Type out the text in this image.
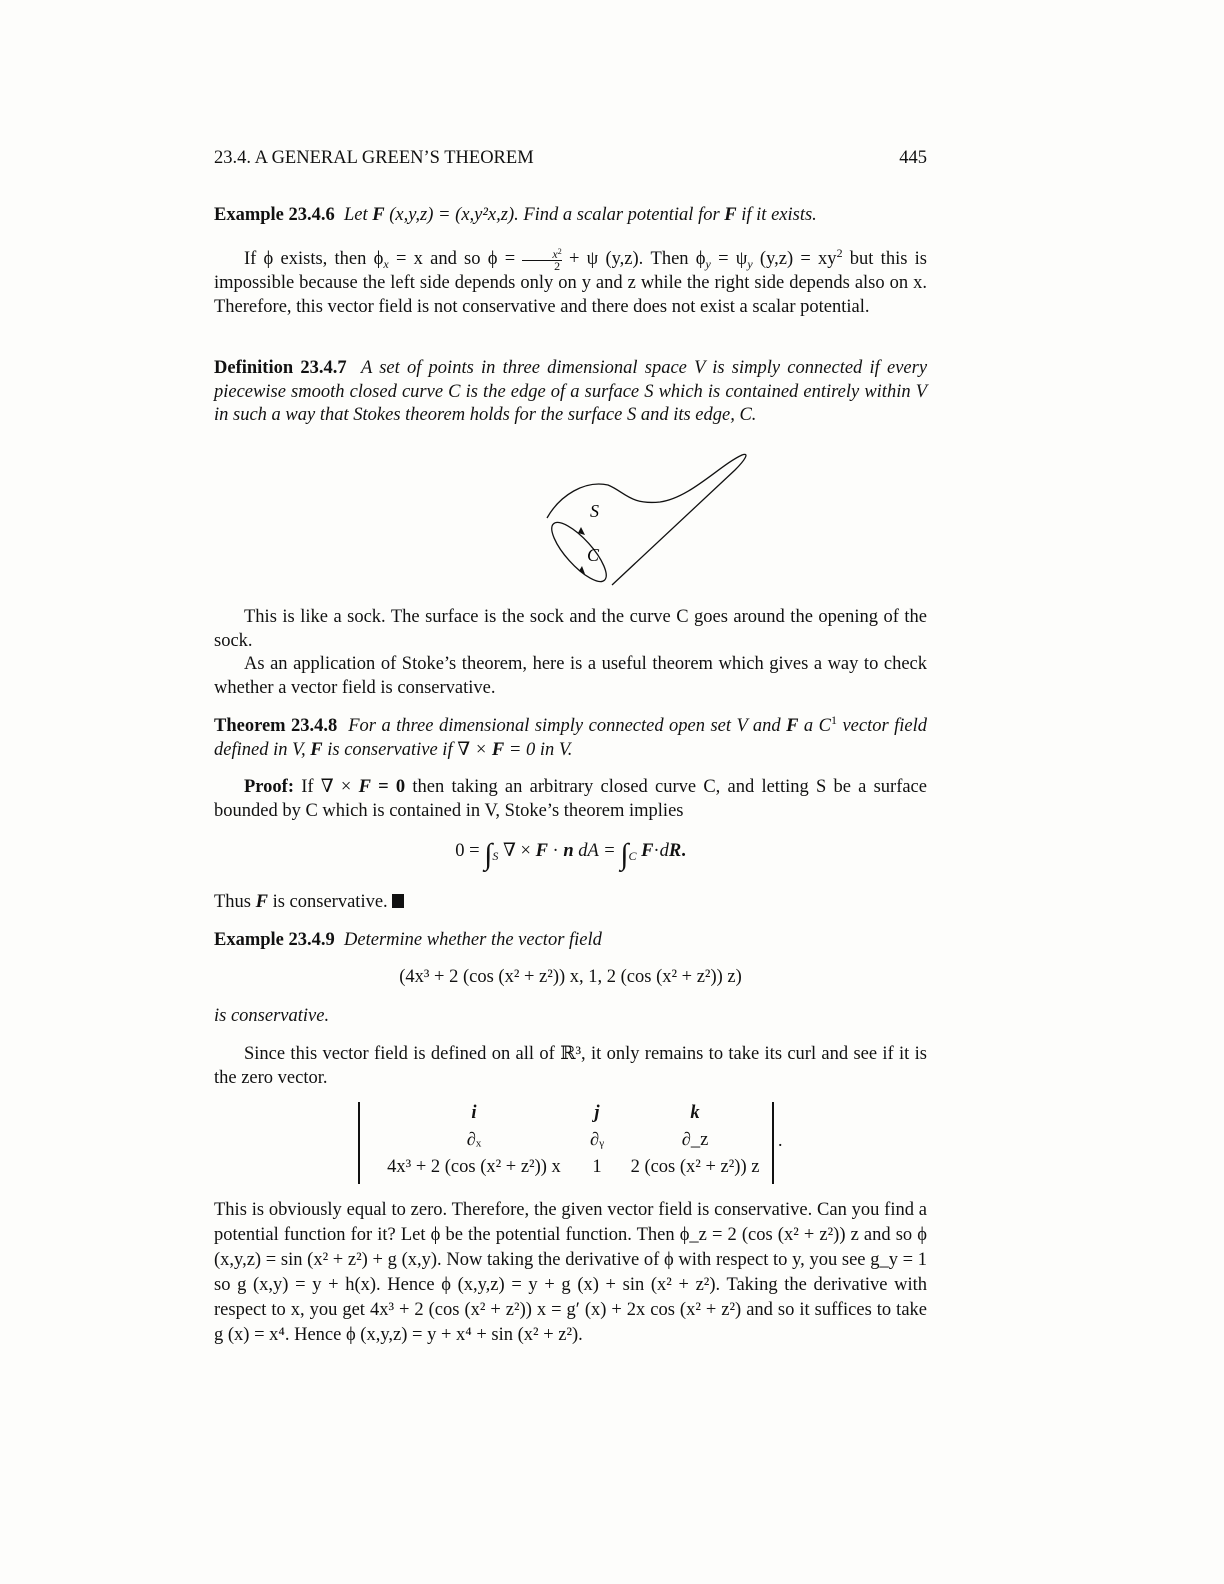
23.4. A GENERAL GREEN’S THEOREM	445
Example 23.4.6 Let F (x,y,z) = (x,y²x,z). Find a scalar potential for F if it exists.
If ϕ exists, then $\phi_x = x$ and so $\phi = \frac{x^2}{2} + \psi$ (y,z). Then $\phi_y = \psi_y$ $(y,z) = xy^2$ but this is impossible because the left side depends only on y and z while the right side depends also on x. Therefore, this vector field is not conservative and there does not exist a scalar potential.
Definition 23.4.7 A set of points in three dimensional space V is simply connected if every piecewise smooth closed curve C is the edge of a surface S which is contained entirely within V in such a way that Stokes theorem holds for the surface S and its edge, C.
S
C
This is like a sock. The surface is the sock and the curve C goes around the opening of the sock.
As an application of Stoke’s theorem, here is a useful theorem which gives a way to check whether a vector field is conservative.
Theorem 23.4.8 For a three dimensional simply connected open set V and F a $C^1$ vector field defined in V, F is conservative if ∇ × F = 0 in V.
Proof: If ∇ × F = 0 then taking an arbitrary closed curve C, and letting S be a surface bounded by C which is contained in V, Stoke’s theorem implies
$0 = \int_S$ ∇ × F · n dA = $\int_C$ F·dR.
Thus F is conservative.
Example 23.4.9 Determine whether the vector field
(4x³ + 2 (cos (x² + z²)) x, 1, 2 (cos (x² + z²)) z)
is conservative.
Since this vector field is defined on all of ℝ³, it only remains to take its curl and see if it is the zero vector.
i	j	k
∂ₓ	∂ᵧ	∂_z
4x³ + 2 (cos (x² + z²)) x	1	2 (cos (x² + z²)) z
.
This is obviously equal to zero. Therefore, the given vector field is conservative. Can you find a potential function for it? Let ϕ be the potential function. Then ϕ_z = 2 (cos (x² + z²)) z and so ϕ (x,y,z) = sin (x² + z²) + g (x,y). Now taking the derivative of ϕ with respect to y, you see g_y = 1 so g (x,y) = y + h(x). Hence ϕ (x,y,z) = y + g (x) + sin (x² + z²). Taking the derivative with respect to x, you get 4x³ + 2 (cos (x² + z²)) x = g′ (x) + 2x cos (x² + z²) and so it suffices to take g (x) = x⁴. Hence ϕ (x,y,z) = y + x⁴ + sin (x² + z²).
